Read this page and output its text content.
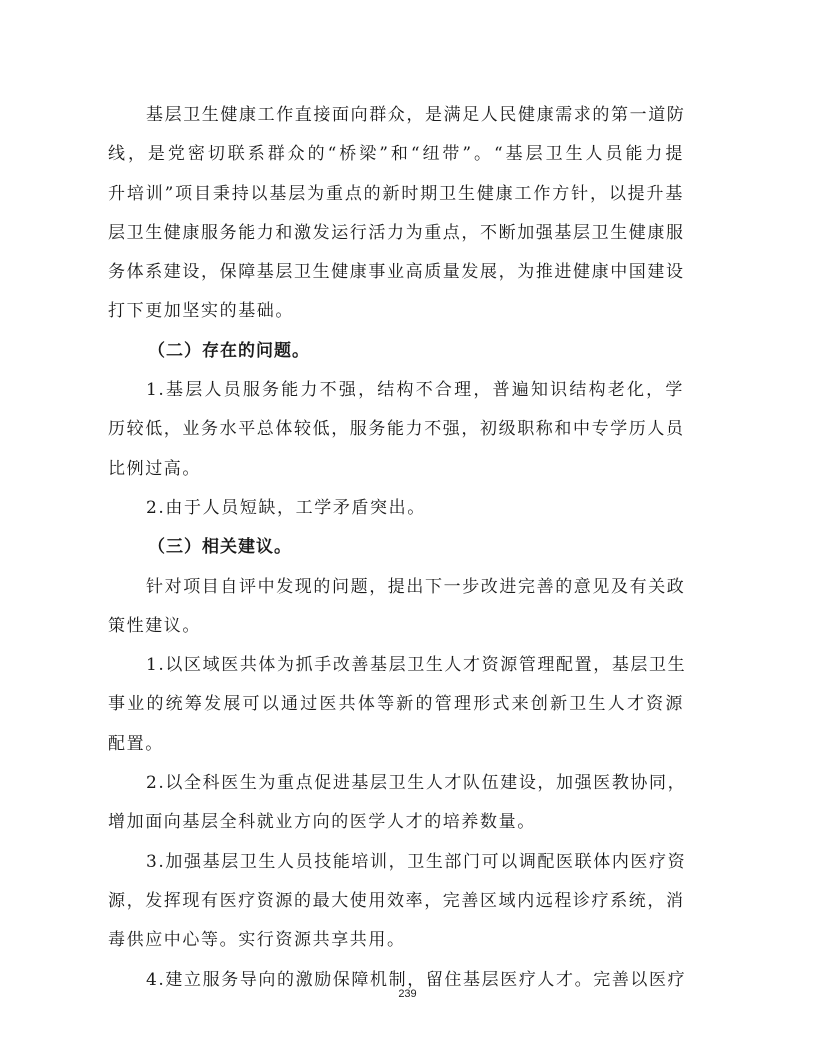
基层卫生健康工作直接面向群众，是满足人民健康需求的第一道防
线，是党密切联系群众的“桥梁”和“纽带”。“基层卫生人员能力提
升培训”项目秉持以基层为重点的新时期卫生健康工作方针，以提升基
层卫生健康服务能力和激发运行活力为重点，不断加强基层卫生健康服
务体系建设，保障基层卫生健康事业高质量发展，为推进健康中国建设
打下更加坚实的基础。
（二）存在的问题。
1.基层人员服务能力不强，结构不合理，普遍知识结构老化，学
历较低，业务水平总体较低，服务能力不强，初级职称和中专学历人员
比例过高。
2.由于人员短缺，工学矛盾突出。
（三）相关建议。
针对项目自评中发现的问题，提出下一步改进完善的意见及有关政
策性建议。
1.以区域医共体为抓手改善基层卫生人才资源管理配置，基层卫生
事业的统筹发展可以通过医共体等新的管理形式来创新卫生人才资源
配置。
2.以全科医生为重点促进基层卫生人才队伍建设，加强医教协同，
增加面向基层全科就业方向的医学人才的培养数量。
3.加强基层卫生人员技能培训，卫生部门可以调配医联体内医疗资
源，发挥现有医疗资源的最大使用效率，完善区域内远程诊疗系统，消
毒供应中心等。实行资源共享共用。
4.建立服务导向的激励保障机制，留住基层医疗人才。完善以医疗
239
